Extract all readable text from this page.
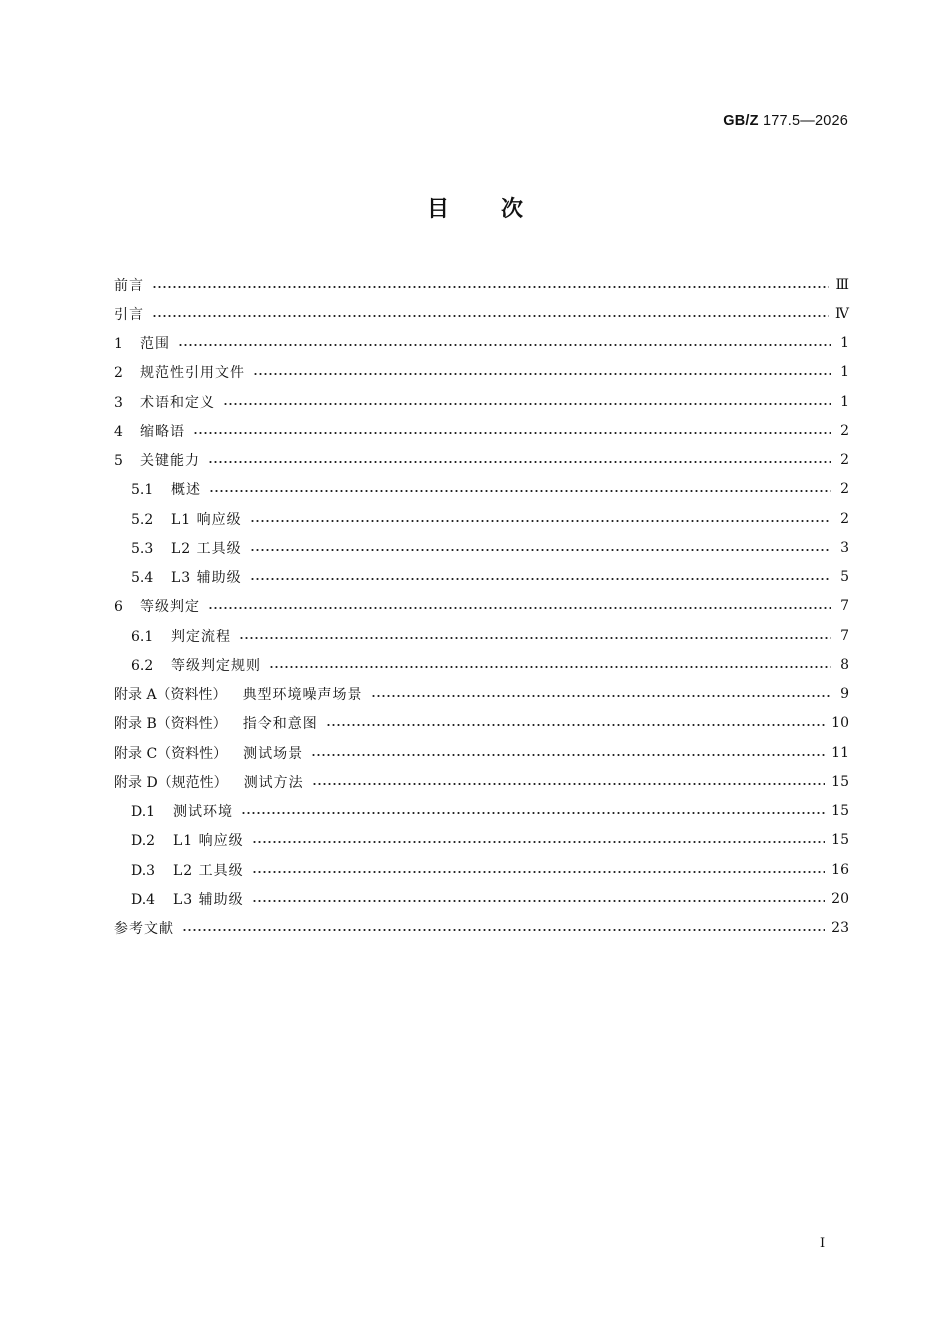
GB/Z 177.5—2026
目次
前言	Ⅲ
引言	Ⅳ
1 范围	1
2 规范性引用文件	1
3 术语和定义	1
4 缩略语	2
5 关键能力	2
5.1 概述	2
5.2 L1 响应级	2
5.3 L2 工具级	3
5.4 L3 辅助级	5
6 等级判定	7
6.1 判定流程	7
6.2 等级判定规则	8
附录 A（资料性） 典型环境噪声场景	9
附录 B（资料性） 指令和意图	10
附录 C（资料性） 测试场景	11
附录 D（规范性） 测试方法	15
D.1 测试环境	15
D.2 L1 响应级	15
D.3 L2 工具级	16
D.4 L3 辅助级	20
参考文献	23
I
